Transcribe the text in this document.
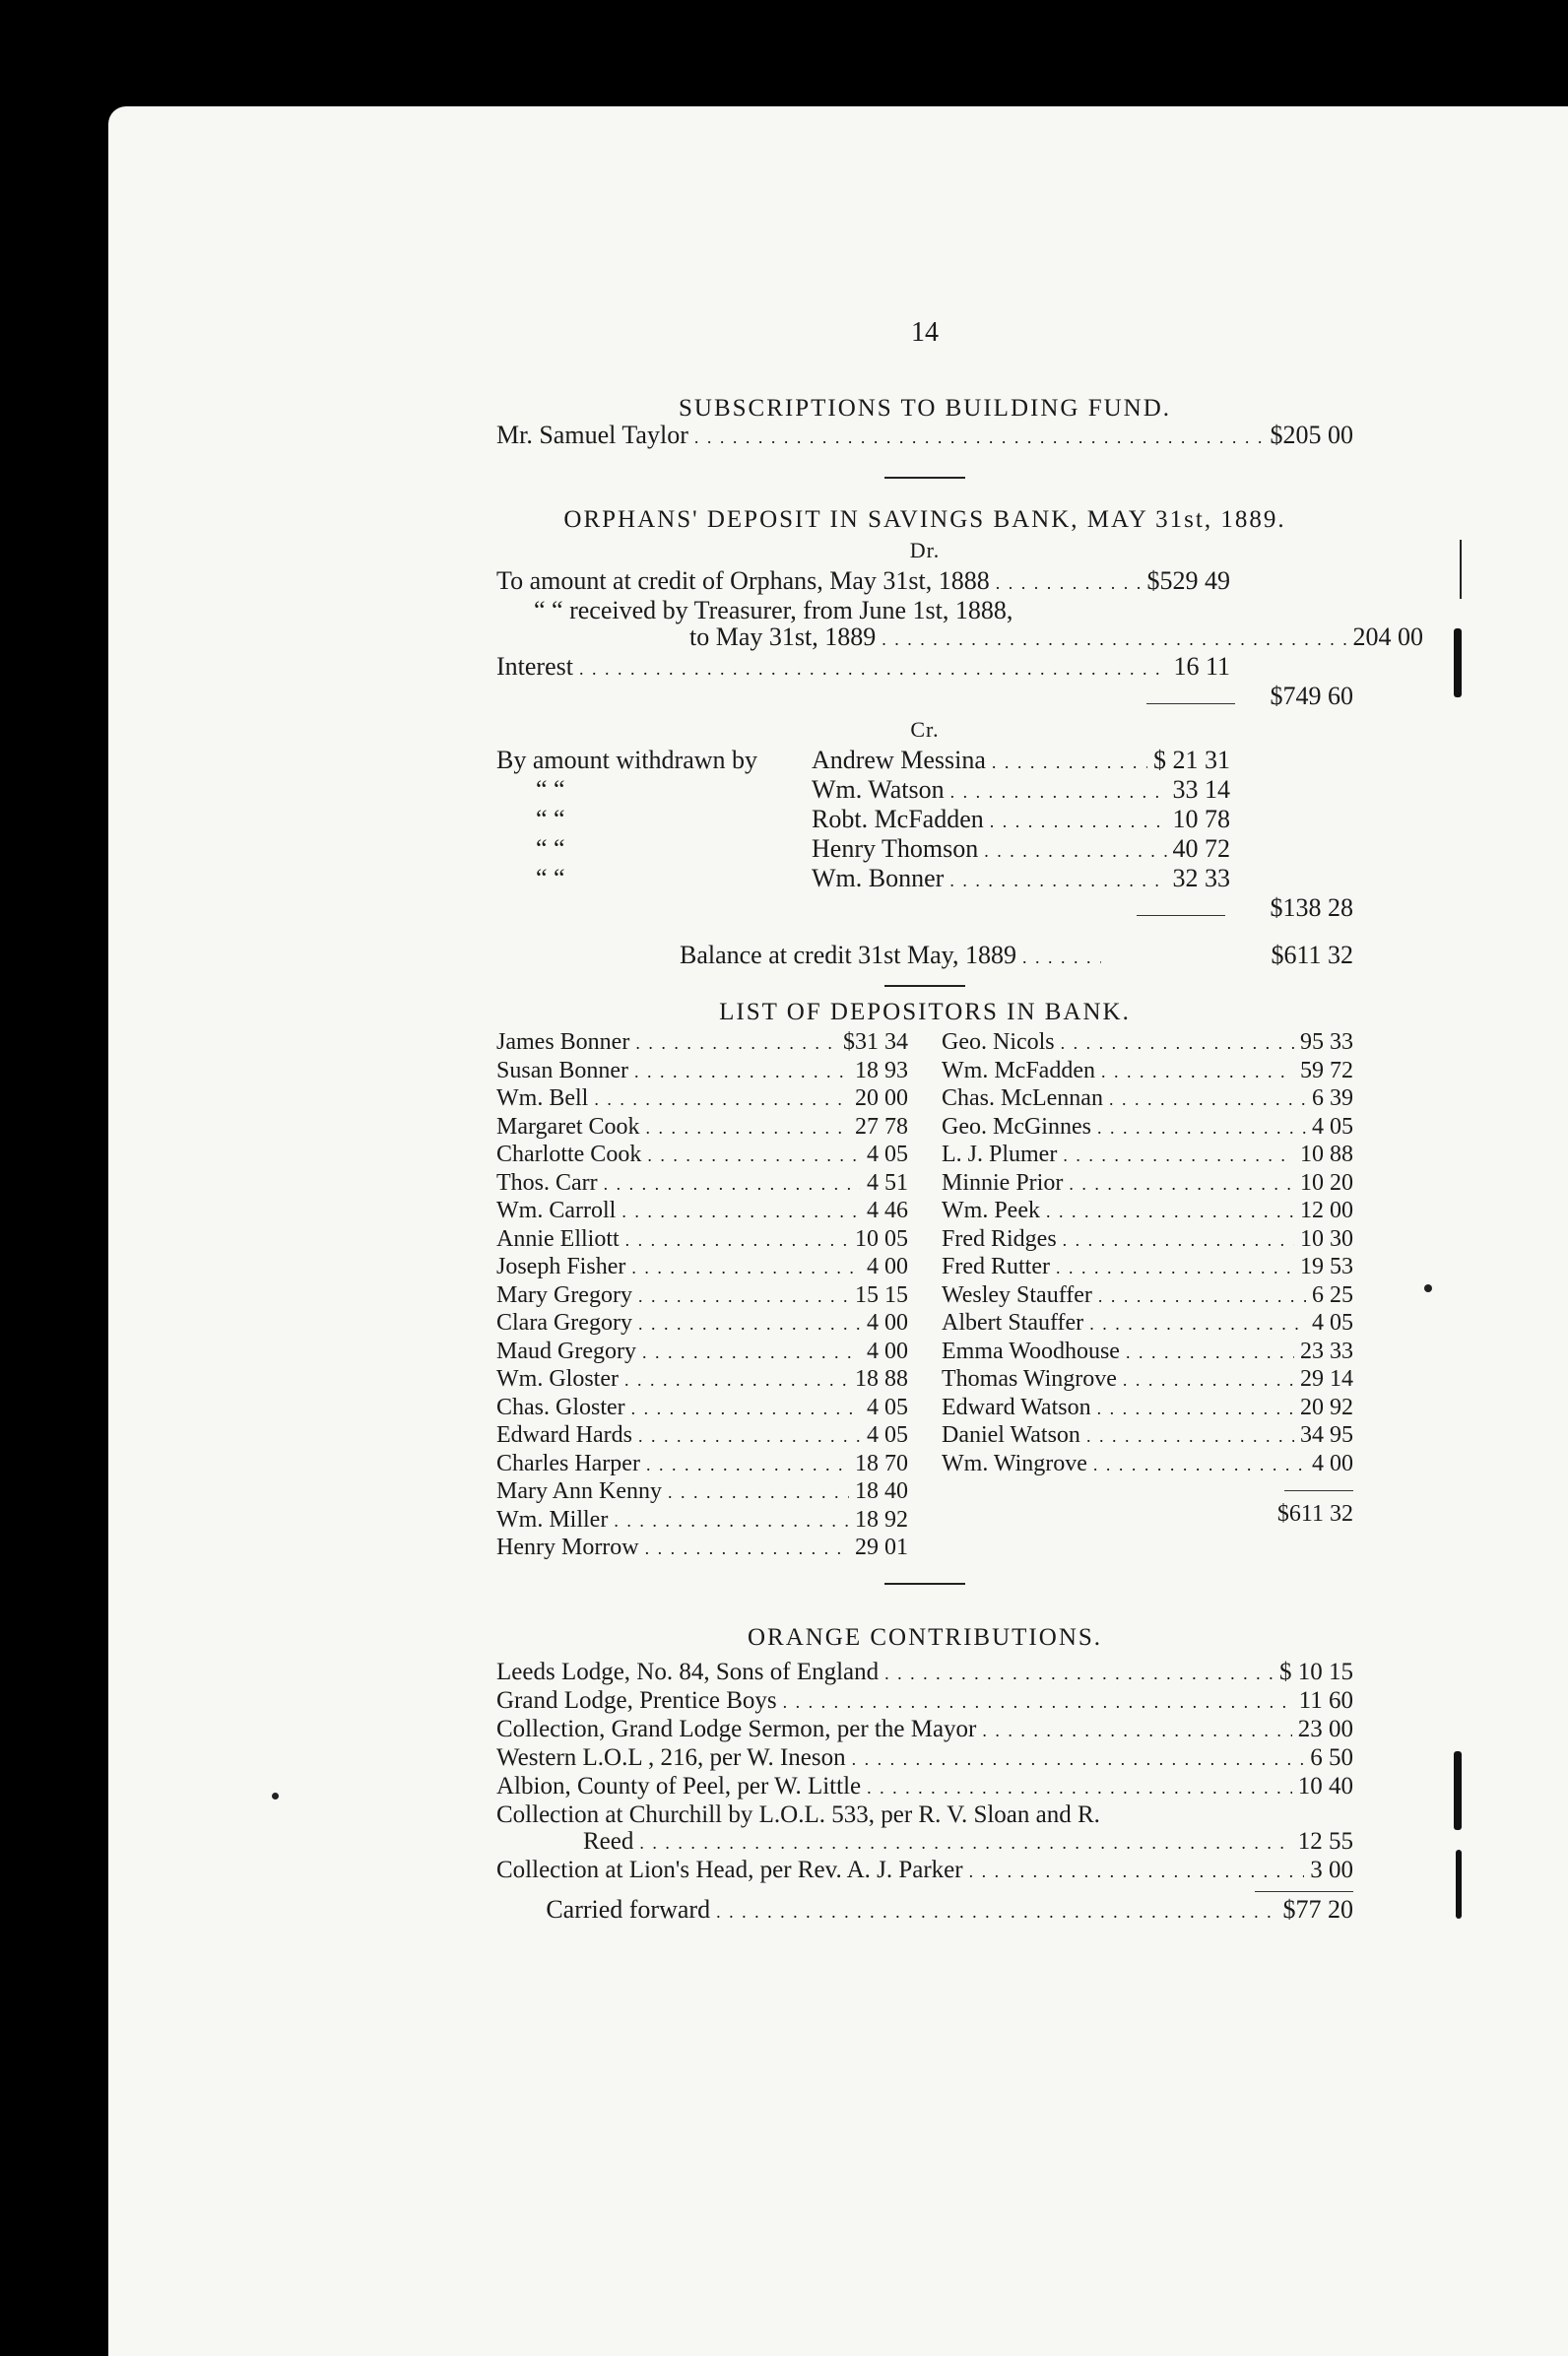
14

SUBSCRIPTIONS TO BUILDING FUND.

Mr. Samuel Taylor . . .	$205 00

ORPHANS' DEPOSIT IN SAVINGS BANK, MAY 31st, 1889.

Dr.

To amount at credit of Orphans, May 31st, 1888 . . .	$529 49
“ “ received by Treasurer, from June 1st, 1888,
to May 31st, 1889 . . .	204 00
Interest . . .	16 11
$749 60

Cr.

By amount withdrawn by	Andrew Messina . . .	$ 21 31
“ “	Wm. Watson . . .	33 14
“ “	Robt. McFadden . . .	10 78
“ “	Henry Thomson . . .	40 72
“ “	Wm. Bonner . . .	32 33
$138 28
Balance at credit 31st May, 1889 . . .	$611 32

LIST OF DEPOSITORS IN BANK.

James Bonner . . .	$31 34
Susan Bonner . . .	18 93
Wm. Bell . . .	20 00
Margaret Cook . . .	27 78
Charlotte Cook . . .	4 05
Thos. Carr . . .	4 51
Wm. Carroll . . .	4 46
Annie Elliott . . .	10 05
Joseph Fisher . . .	4 00
Mary Gregory . . .	15 15
Clara Gregory . . .	4 00
Maud Gregory . . .	4 00
Wm. Gloster . . .	18 88
Chas. Gloster . . .	4 05
Edward Hards . . .	4 05
Charles Harper . . .	18 70
Mary Ann Kenny . . .	18 40
Wm. Miller . . .	18 92
Henry Morrow . . .	29 01
Geo. Nicols . . .	95 33
Wm. McFadden . . .	59 72
Chas. McLennan . . .	6 39
Geo. McGinnes . . .	4 05
L. J. Plumer . . .	10 88
Minnie Prior . . .	10 20
Wm. Peek . . .	12 00
Fred Ridges . . .	10 30
Fred Rutter . . .	19 53
Wesley Stauffer . . .	6 25
Albert Stauffer . . .	4 05
Emma Woodhouse . . .	23 33
Thomas Wingrove . . .	29 14
Edward Watson . . .	20 92
Daniel Watson . . .	34 95
Wm. Wingrove . . .	4 00
$611 32

ORANGE CONTRIBUTIONS.

Leeds Lodge, No. 84, Sons of England . . .	$ 10 15
Grand Lodge, Prentice Boys . . .	11 60
Collection, Grand Lodge Sermon, per the Mayor . . .	23 00
Western L.O.L , 216, per W. Ineson . . .	6 50
Albion, County of Peel, per W. Little . . .	10 40
Collection at Churchill by L.O.L. 533, per R. V. Sloan and R.
Reed . . .	12 55
Collection at Lion's Head, per Rev. A. J. Parker . . .	3 00
Carried forward . . .	$77 20
